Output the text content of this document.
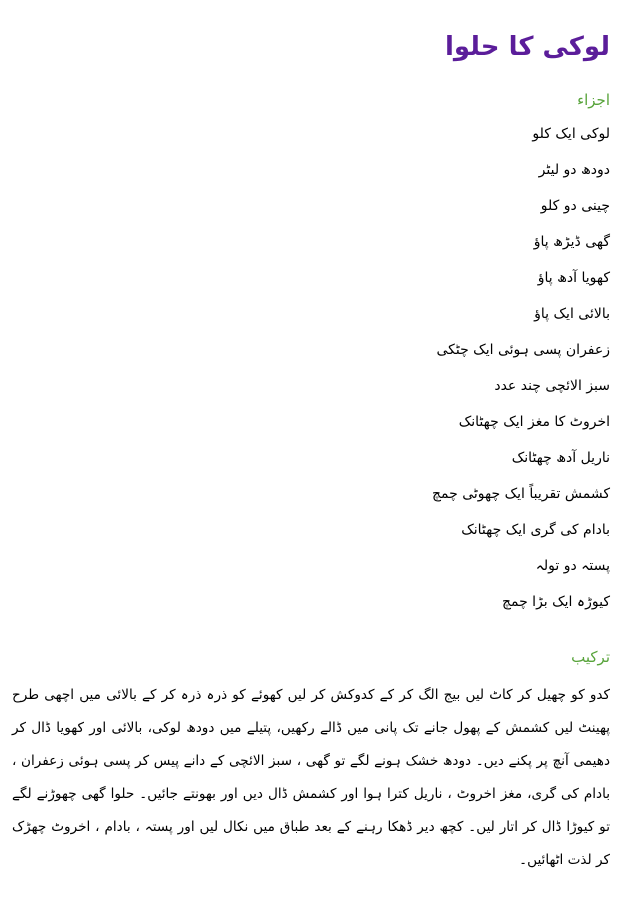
لوکی کا حلوا
اجزاء
لوکی ایک کلو
دودھ دو لیٹر
چینی دو کلو
گھی ڈیڑھ پاؤ
کھویا آدھ پاؤ
بالائی ایک پاؤ
زعفران پسی ہوئی ایک چٹکی
سبز الائچی چند عدد
اخروٹ کا مغز ایک چھٹانک
ناریل آدھ چھٹانک
کشمش تقریباً ایک چھوٹی چمچ
بادام کی گری ایک چھٹانک
پستہ دو تولہ
کیوڑہ ایک بڑا چمچ
ترکیب

کدو کو چھیل کر کاٹ لیں بیج الگ کر کے کدوکش کر لیں کھوئے کو ذرہ ذرہ کر کے بالائی میں اچھی طرح پھینٹ لیں کشمش کے پھول جانے تک پانی میں ڈالے رکھیں، پتیلے میں دودھ لوکی، بالائی اور کھویا ڈال کر دھیمی آنچ پر پکنے دیں۔ دودھ خشک ہونے لگے تو گھی ، سبز الائچی کے دانے پیس کر پسی ہوئی زعفران ، بادام کی گری، مغز اخروٹ ، ناریل کترا ہوا اور کشمش ڈال دیں اور بھونتے جائیں۔ حلوا گھی چھوڑنے لگے تو کیوڑا ڈال کر اتار لیں۔ کچھ دیر ڈھکا رہنے کے بعد طباق میں نکال لیں اور پستہ ، بادام ، اخروٹ چھڑک کر لذت اٹھائیں۔
